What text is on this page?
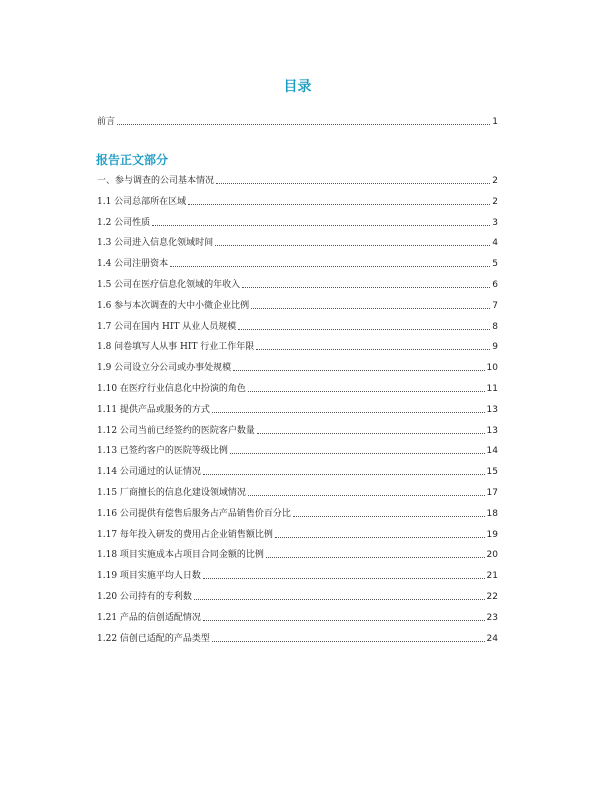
目录
前言	1
报告正文部分
一、参与调查的公司基本情况	2
1.1 公司总部所在区域	2
1.2 公司性质	3
1.3 公司进入信息化领域时间	4
1.4 公司注册资本	5
1.5 公司在医疗信息化领域的年收入	6
1.6 参与本次调查的大中小微企业比例	7
1.7 公司在国内 HIT 从业人员规模	8
1.8 问卷填写人从事 HIT 行业工作年限	9
1.9 公司设立分公司或办事处规模	10
1.10 在医疗行业信息化中扮演的角色	11
1.11 提供产品或服务的方式	13
1.12 公司当前已经签约的医院客户数量	13
1.13 已签约客户的医院等级比例	14
1.14 公司通过的认证情况	15
1.15 厂商擅长的信息化建设领域情况	17
1.16 公司提供有偿售后服务占产品销售价百分比	18
1.17 每年投入研发的费用占企业销售额比例	19
1.18 项目实施成本占项目合同金额的比例	20
1.19 项目实施平均人日数	21
1.20 公司持有的专利数	22
1.21 产品的信创适配情况	23
1.22 信创已适配的产品类型	24
